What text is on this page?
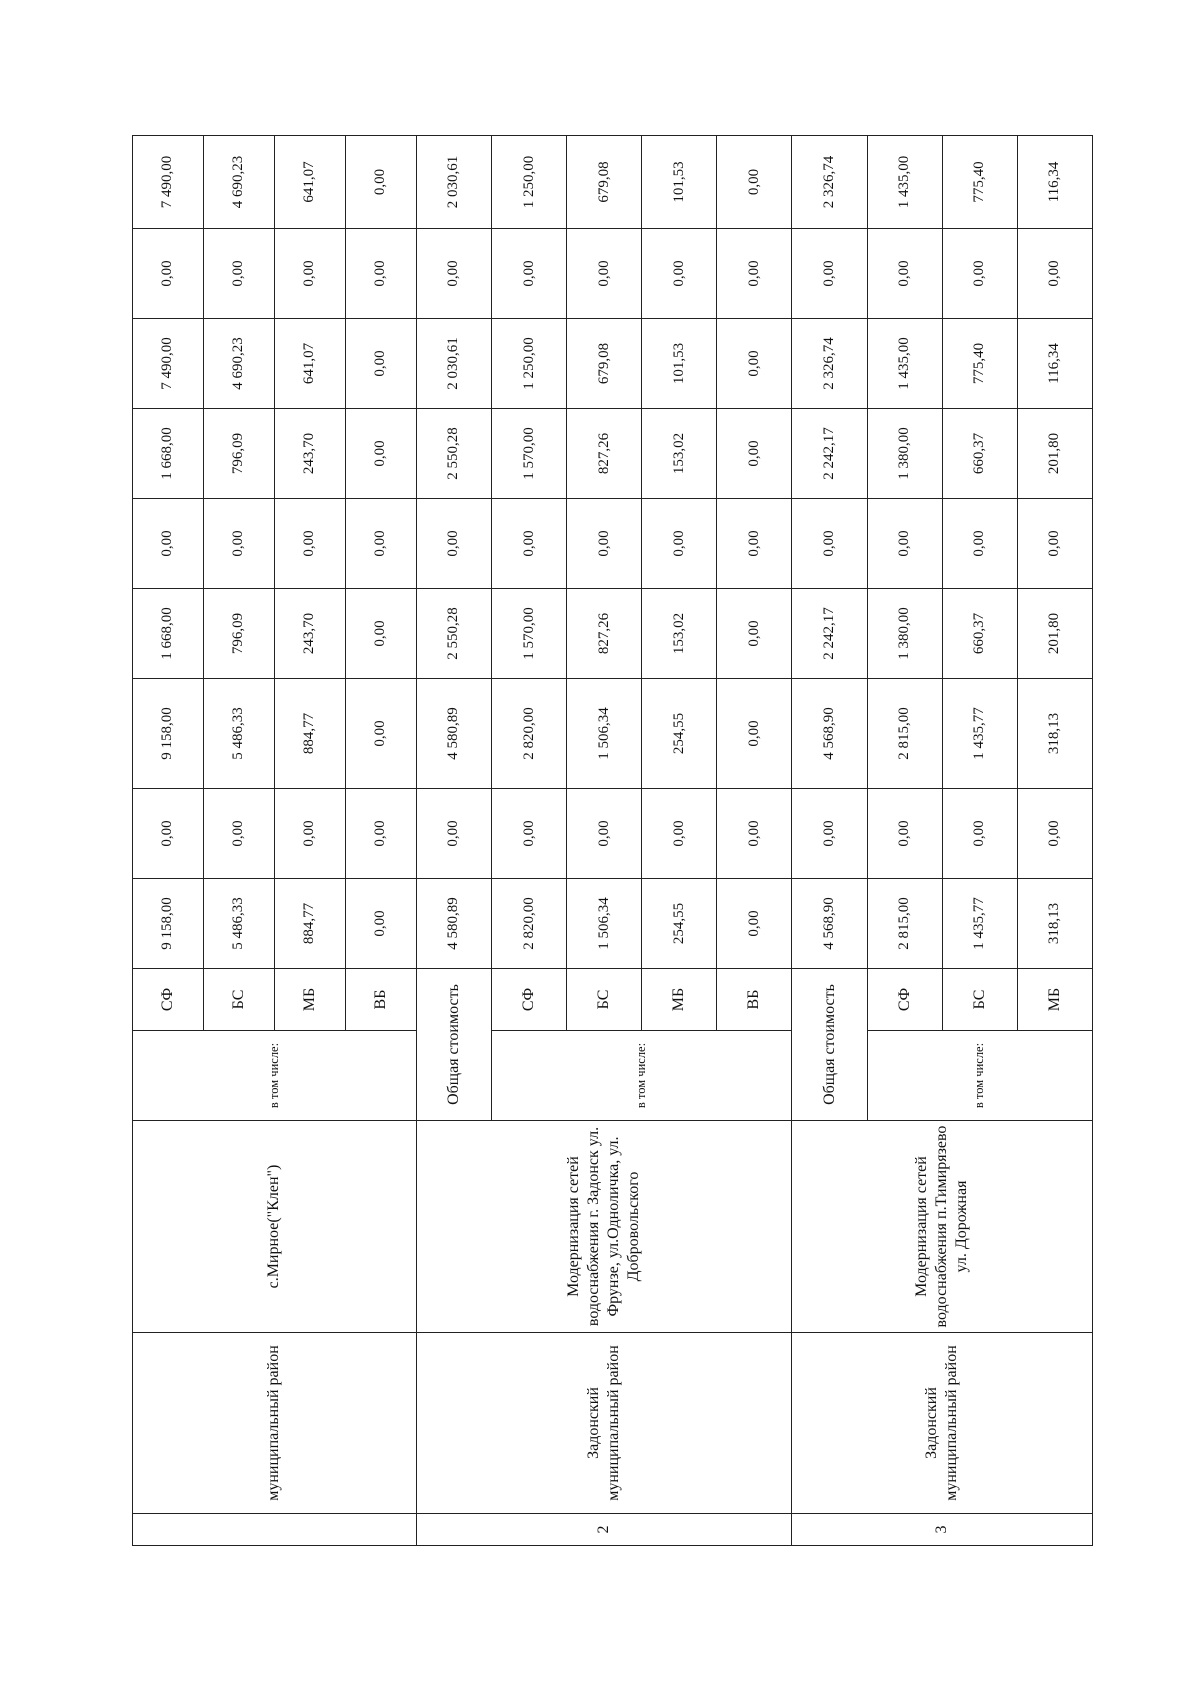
	муниципальный район	с.Мирное("Клен")	в том числе:	СФ	9 158,00	0,00	9 158,00	1 668,00	0,00	1 668,00	7 490,00	0,00	7 490,00
				БС	5 486,33	0,00	5 486,33	796,09	0,00	796,09	4 690,23	0,00	4 690,23
				МБ	884,77	0,00	884,77	243,70	0,00	243,70	641,07	0,00	641,07
				ВБ	0,00	0,00	0,00	0,00	0,00	0,00	0,00	0,00	0,00
2	Задонский муниципальный район	Модернизация сетей водоснабжения г. Задонск ул. Фрунзе, ул.Одноличка, ул. Добровольского	Общая стоимость		4 580,89	0,00	4 580,89	2 550,28	0,00	2 550,28	2 030,61	0,00	2 030,61
			в том числе:	СФ	2 820,00	0,00	2 820,00	1 570,00	0,00	1 570,00	1 250,00	0,00	1 250,00
				БС	1 506,34	0,00	1 506,34	827,26	0,00	827,26	679,08	0,00	679,08
				МБ	254,55	0,00	254,55	153,02	0,00	153,02	101,53	0,00	101,53
				ВБ	0,00	0,00	0,00	0,00	0,00	0,00	0,00	0,00	0,00
3	Задонский муниципальный район	Модернизация сетей водоснабжения п.Тимирязево ул. Дорожная	Общая стоимость		4 568,90	0,00	4 568,90	2 242,17	0,00	2 242,17	2 326,74	0,00	2 326,74
			в том числе:	СФ	2 815,00	0,00	2 815,00	1 380,00	0,00	1 380,00	1 435,00	0,00	1 435,00
				БС	1 435,77	0,00	1 435,77	660,37	0,00	660,37	775,40	0,00	775,40
				МБ	318,13	0,00	318,13	201,80	0,00	201,80	116,34	0,00	116,34
